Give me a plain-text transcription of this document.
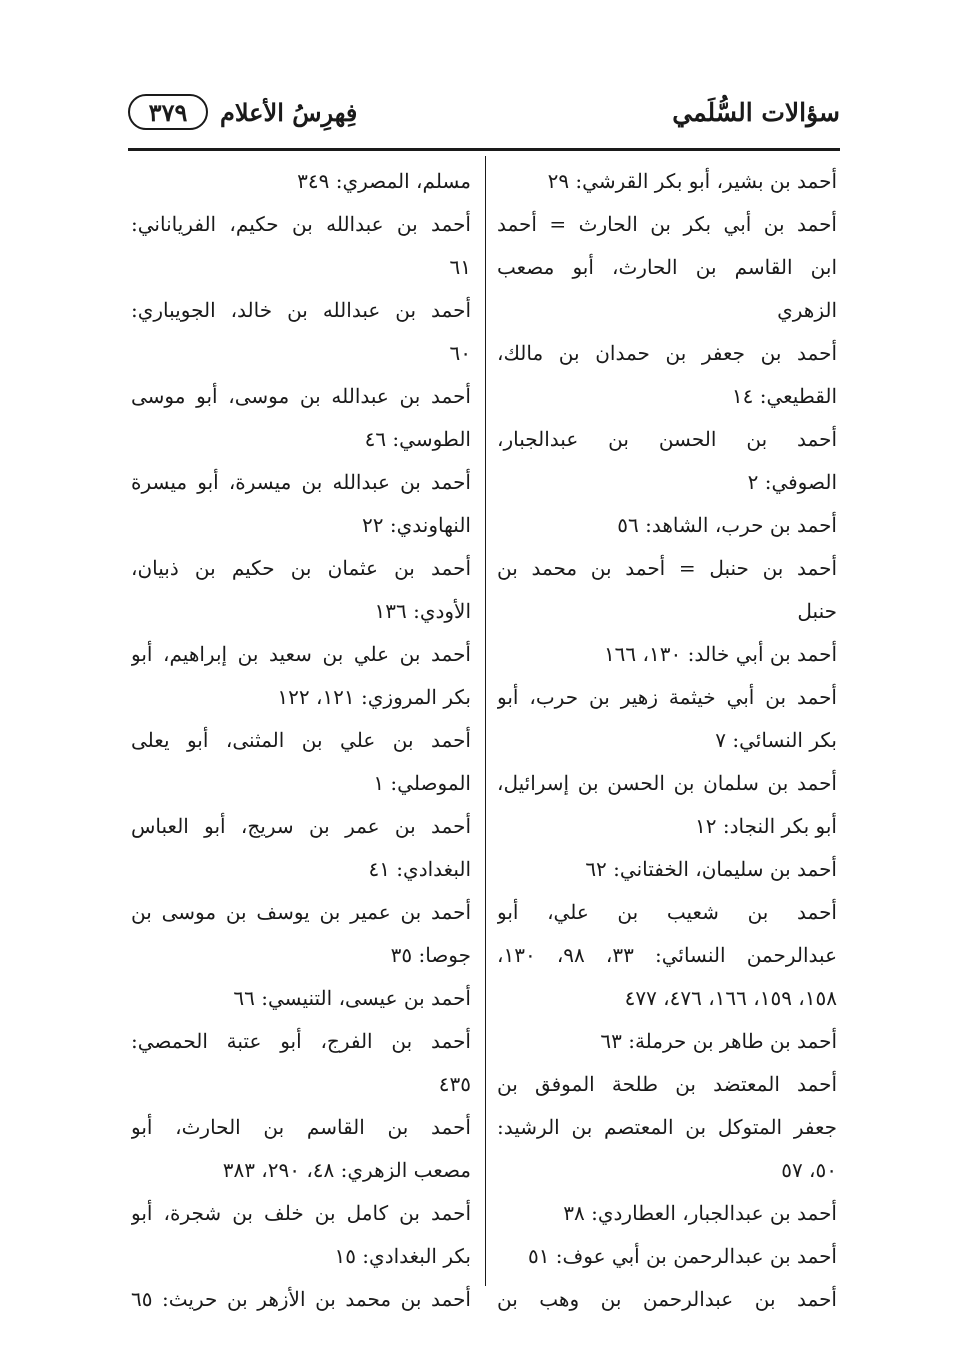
سؤالات السُّلَمي
فِهرِسُ الأعلام
٣٧٩
أحمد بن بشير، أبو بكر القرشي: ٢٩
أحمد بن أبي بكر بن الحارث = أحمد
ابن القاسم بن الحارث، أبو مصعب
الزهري
أحمد بن جعفر بن حمدان بن مالك،
القطيعي: ١٤
أحمد بن الحسن بن عبدالجبار،
الصوفي: ٢
أحمد بن حرب، الشاهد: ٥٦
أحمد بن حنبل = أحمد بن محمد بن
حنبل
أحمد بن أبي خالد: ١٣٠، ١٦٦
أحمد بن أبي خيثمة زهير بن حرب، أبو
بكر النسائي: ٧
أحمد بن سلمان بن الحسن بن إسرائيل،
أبو بكر النجاد: ١٢
أحمد بن سليمان، الخفتاني: ٦٢
أحمد بن شعيب بن علي، أبو
عبدالرحمن النسائي: ٣٣، ٩٨، ١٣٠،
١٥٨، ١٥٩، ١٦٦، ٤٧٦، ٤٧٧
أحمد بن طاهر بن حرملة: ٦٣
أحمد المعتضد بن طلحة الموفق بن
جعفر المتوكل بن المعتصم بن الرشيد:
٥٠، ٥٧
أحمد بن عبدالجبار، العطاردي: ٣٨
أحمد بن عبدالرحمن بن أبي عوف: ٥١
أحمد بن عبدالرحمن بن وهب بن
مسلم، المصري: ٣٤٩
أحمد بن عبدالله بن حكيم، الفرياناني:
٦١
أحمد بن عبدالله بن خالد، الجويباري:
٦٠
أحمد بن عبدالله بن موسى، أبو موسى
الطوسي: ٤٦
أحمد بن عبدالله بن ميسرة، أبو ميسرة
النهاوندي: ٢٢
أحمد بن عثمان بن حكيم بن ذبيان،
الأودي: ١٣٦
أحمد بن علي بن سعيد بن إبراهيم، أبو
بكر المروزي: ١٢١، ١٢٢
أحمد بن علي بن المثنى، أبو يعلى
الموصلي: ١
أحمد بن عمر بن سريج، أبو العباس
البغدادي: ٤١
أحمد بن عمير بن يوسف بن موسى بن
جوصا: ٣٥
أحمد بن عيسى، التنيسي: ٦٦
أحمد بن الفرج، أبو عتبة الحمصي:
٤٣٥
أحمد بن القاسم بن الحارث، أبو
مصعب الزهري: ٤٨، ٢٩٠، ٣٨٣
أحمد بن كامل بن خلف بن شجرة، أبو
بكر البغدادي: ١٥
أحمد بن محمد بن الأزهر بن حريث: ٦٥
